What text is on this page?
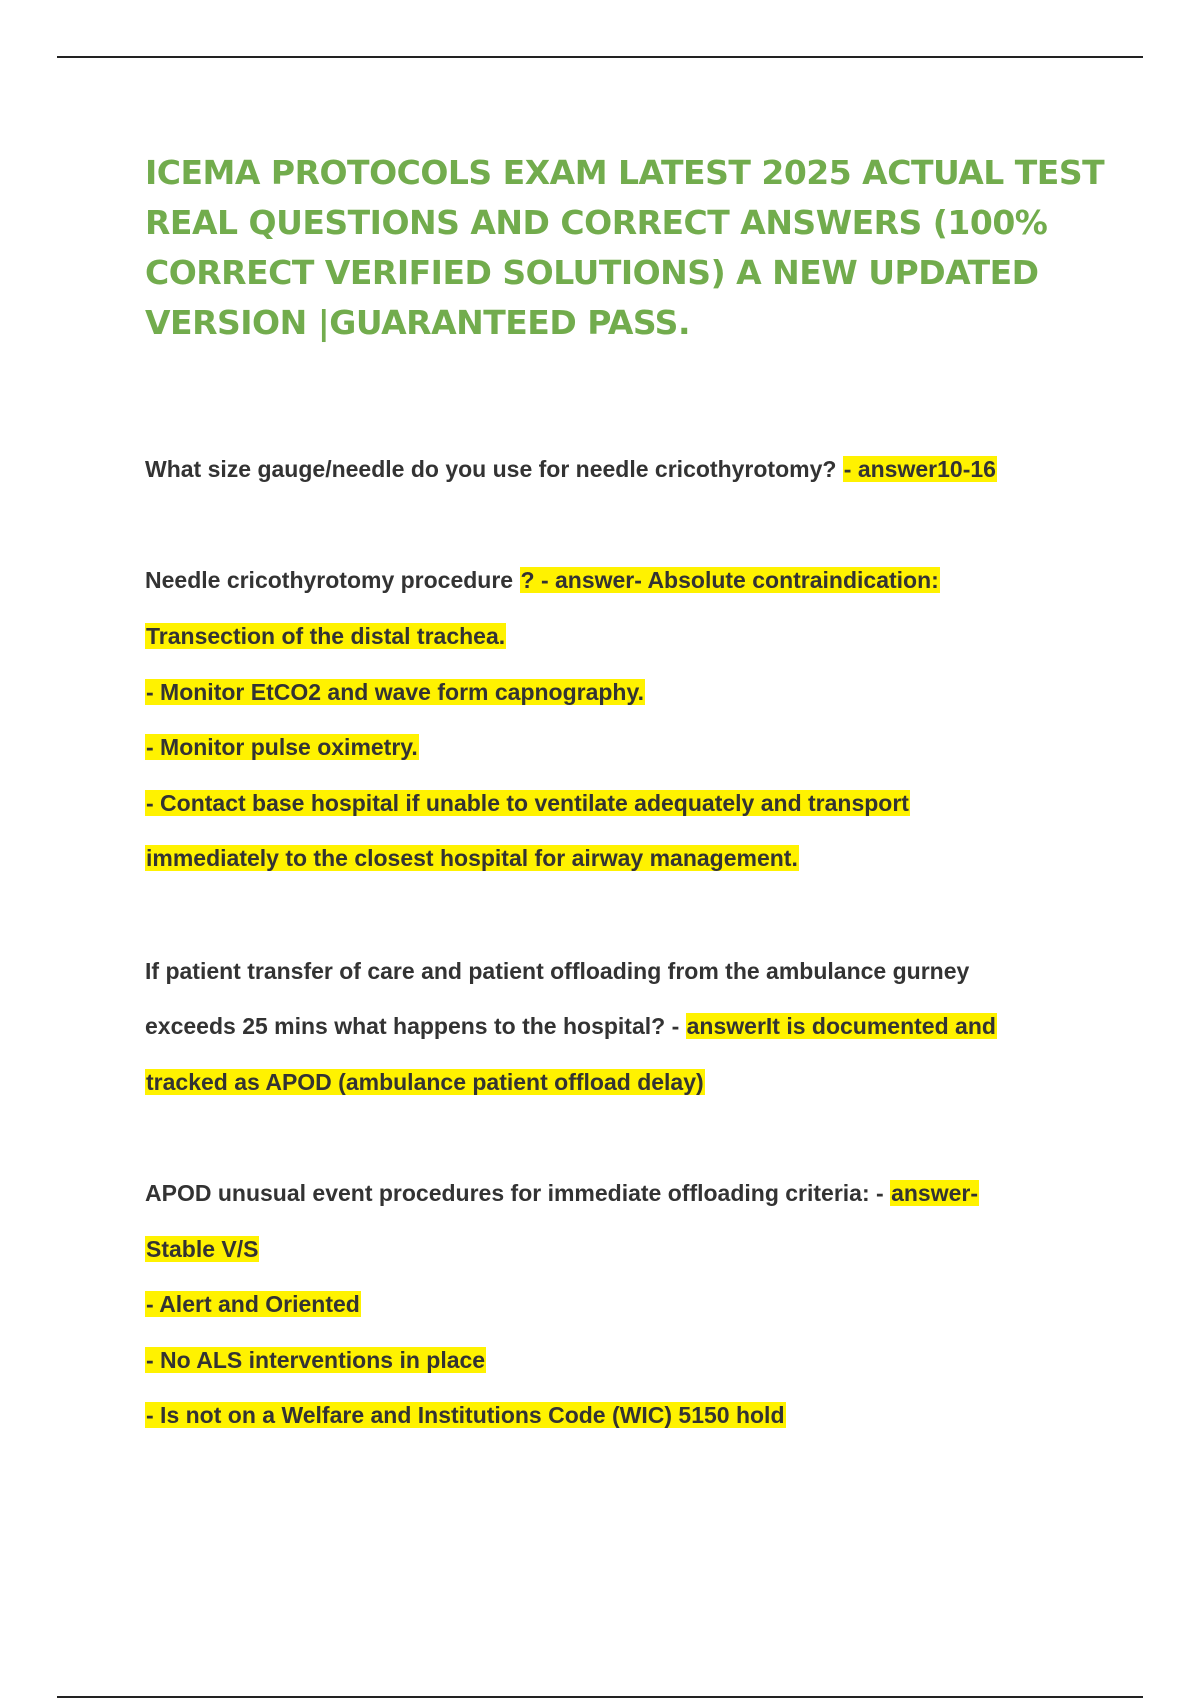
ICEMA PROTOCOLS EXAM LATEST 2025 ACTUAL TEST REAL QUESTIONS AND CORRECT ANSWERS (100% CORRECT VERIFIED SOLUTIONS) A NEW UPDATED VERSION |GUARANTEED PASS.
What size gauge/needle do you use for needle cricothyrotomy? - answer10-16
Needle cricothyrotomy procedure ? - answer- Absolute contraindication:
Transection of the distal trachea.
- Monitor EtCO2 and wave form capnography.
- Monitor pulse oximetry.
- Contact base hospital if unable to ventilate adequately and transport
immediately to the closest hospital for airway management.
If patient transfer of care and patient offloading from the ambulance gurney
exceeds 25 mins what happens to the hospital? - answerIt is documented and
tracked as APOD (ambulance patient offload delay)
APOD unusual event procedures for immediate offloading criteria: - answer-
Stable V/S
- Alert and Oriented
- No ALS interventions in place
- Is not on a Welfare and Institutions Code (WIC) 5150 hold
